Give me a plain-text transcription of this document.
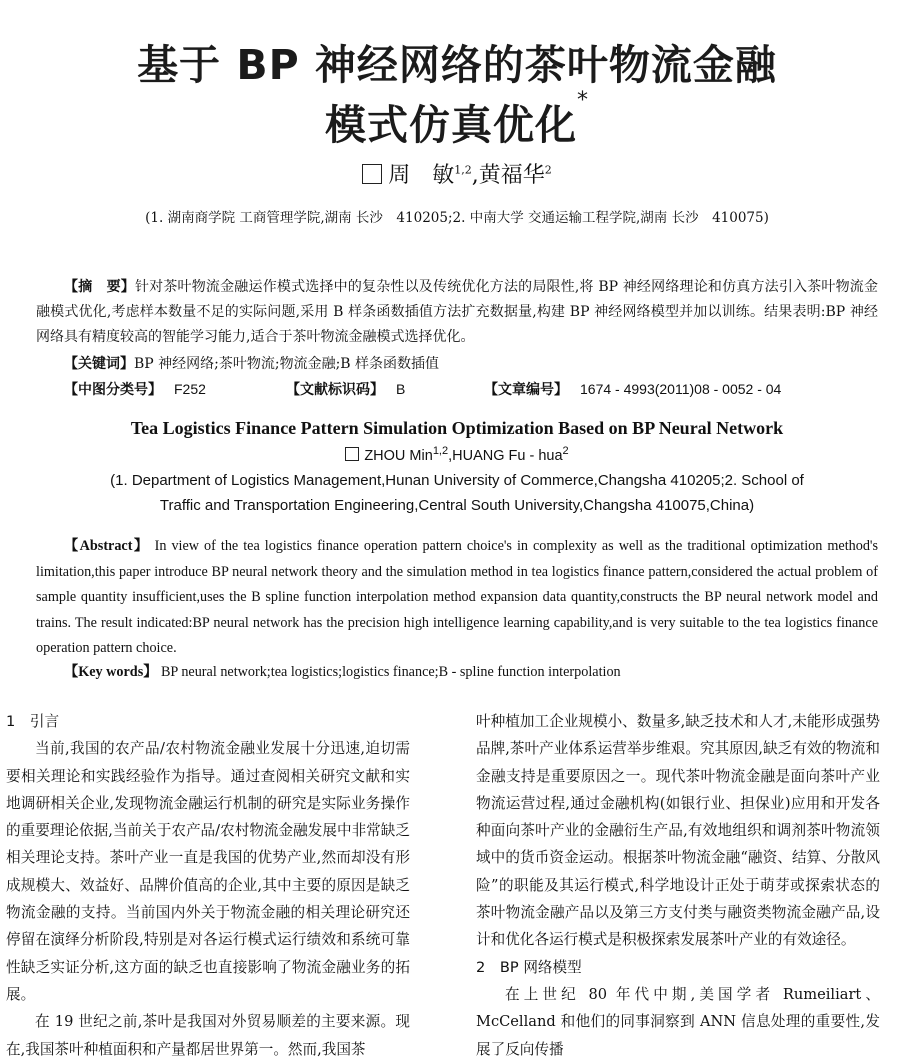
基于 BP 神经网络的茶叶物流金融
模式仿真优化*
周　敏$^{1,2}$,黄福华$^2$
(1. 湖南商学院 工商管理学院,湖南 长沙　410205;2. 中南大学 交通运输工程学院,湖南 长沙　410075)
【摘　要】针对茶叶物流金融运作模式选择中的复杂性以及传统优化方法的局限性,将 BP 神经网络理论和仿真方法引入茶叶物流金融模式优化,考虑样本数量不足的实际问题,采用 B 样条函数插值方法扩充数据量,构建 BP 神经网络模型并加以训练。结果表明:BP 神经网络具有精度较高的智能学习能力,适合于茶叶物流金融模式选择优化。
【关键词】BP 神经网络;茶叶物流;物流金融;B 样条函数插值
【中图分类号】 F252	【文献标识码】 B	【文章编号】 1674 - 4993(2011)08 - 0052 - 04
Tea Logistics Finance Pattern Simulation Optimization Based on BP Neural Network
ZHOU Min$^{1,2}$,HUANG Fu - hua$^2$
(1. Department of Logistics Management,Hunan University of Commerce,Changsha 410205;2. School of
Traffic and Transportation Engineering,Central South University,Changsha 410075,China)
【Abstract】 In view of the tea logistics finance operation pattern choice's in complexity as well as the traditional optimization method's limitation,this paper introduce BP neural network theory and the simulation method in tea logistics finance pattern,considered the actual problem of sample quantity insufficient,uses the B spline function interpolation method expansion data quantity,constructs the BP neural network model and trains. The result indicated:BP neural network has the precision high intelligence learning capability,and is very suitable to the tea logistics finance operation pattern choice.
【Key words】 BP neural network;tea logistics;logistics finance;B - spline function interpolation
1　引言

当前,我国的农产品/农村物流金融业发展十分迅速,迫切需要相关理论和实践经验作为指导。通过查阅相关研究文献和实地调研相关企业,发现物流金融运行机制的研究是实际业务操作的重要理论依据,当前关于农产品/农村物流金融发展中非常缺乏相关理论支持。茶叶产业一直是我国的优势产业,然而却没有形成规模大、效益好、品牌价值高的企业,其中主要的原因是缺乏物流金融的支持。当前国内外关于物流金融的相关理论研究还停留在演绎分析阶段,特别是对各运行模式运行绩效和系统可靠性缺乏实证分析,这方面的缺乏也直接影响了物流金融业务的拓展。

在 19 世纪之前,茶叶是我国对外贸易顺差的主要来源。现在,我国茶叶种植面积和产量都居世界第一。然而,我国茶

叶种植加工企业规模小、数量多,缺乏技术和人才,未能形成强势品牌,茶叶产业体系运营举步维艰。究其原因,缺乏有效的物流和金融支持是重要原因之一。现代茶叶物流金融是面向茶叶产业物流运营过程,通过金融机构(如银行业、担保业)应用和开发各种面向茶叶产业的金融衍生产品,有效地组织和调剂茶叶物流领域中的货币资金运动。根据茶叶物流金融“融资、结算、分散风险”的职能及其运行模式,科学地设计正处于萌芽或探索状态的茶叶物流金融产品以及第三方支付类与融资类物流金融产品,设计和优化各运行模式是积极探索发展茶叶产业的有效途径。

2　BP 网络模型

在上世纪 80 年代中期,美国学者 Rumeiliart、McCelland 和他们的同事洞察到 ANN 信息处理的重要性,发展了反向传播
